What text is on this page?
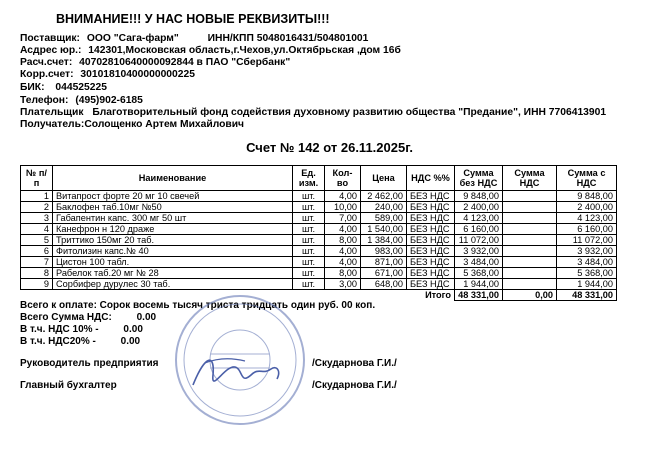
ВНИМАНИЕ!!! У НАС НОВЫЕ РЕКВИЗИТЫ!!!
Поставщик: ООО "Сага-фарм"	ИНН/КПП 5048016431/504801001
Асдрес юр.: 142301,Московская область,г.Чехов,ул.Октябрьская ,дом 16б
Расч.счет: 40702810640000092844 в ПАО "Сбербанк"
Корр.счет: 30101810400000000225
БИК: 044525225
Телефон: (495)902-6185
Плательщик Благотворительный фонд содействия духовному развитию общества "Предание", ИНН 7706413901
Получатель:Солощенко Артем Михайлович
Счет № 142 от 26.11.2025г.
№ п/п	Наименование	Ед. изм.	Кол-во	Цена	НДС %%	Сумма без НДС	Сумма НДС	Сумма с НДС
1	Витапрост форте 20 мг 10 свечей	шт.	4,00	2 462,00	БЕЗ НДС	9 848,00		9 848,00
2	Баклофен таб.10мг №50	шт.	10,00	240,00	БЕЗ НДС	2 400,00		2 400,00
3	Габапентин капс. 300 мг 50 шт	шт.	7,00	589,00	БЕЗ НДС	4 123,00		4 123,00
4	Канефрон н 120 драже	шт.	4,00	1 540,00	БЕЗ НДС	6 160,00		6 160,00
5	Триттико 150мг 20 таб.	шт.	8,00	1 384,00	БЕЗ НДС	11 072,00		11 072,00
6	Фитолизин капс.№ 40	шт.	4,00	983,00	БЕЗ НДС	3 932,00		3 932,00
7	Цистон 100 табл.	шт.	4,00	871,00	БЕЗ НДС	3 484,00		3 484,00
8	Рабелок таб.20 мг № 28	шт.	8,00	671,00	БЕЗ НДС	5 368,00		5 368,00
9	Сорбифер дурулес 30 таб.	шт.	3,00	648,00	БЕЗ НДС	1 944,00		1 944,00
					Итого	48 331,00	0,00	48 331,00
Всего к оплате: Сорок восемь тысяч триста тридцать один руб. 00 коп.
Всего Сумма НДС: 0.00
В т.ч. НДС 10% - 0.00
В т.ч. НДС20% - 0.00
Руководитель предприятия	/Скударнова Г.И./
Главный бухгалтер	/Скударнова Г.И./
